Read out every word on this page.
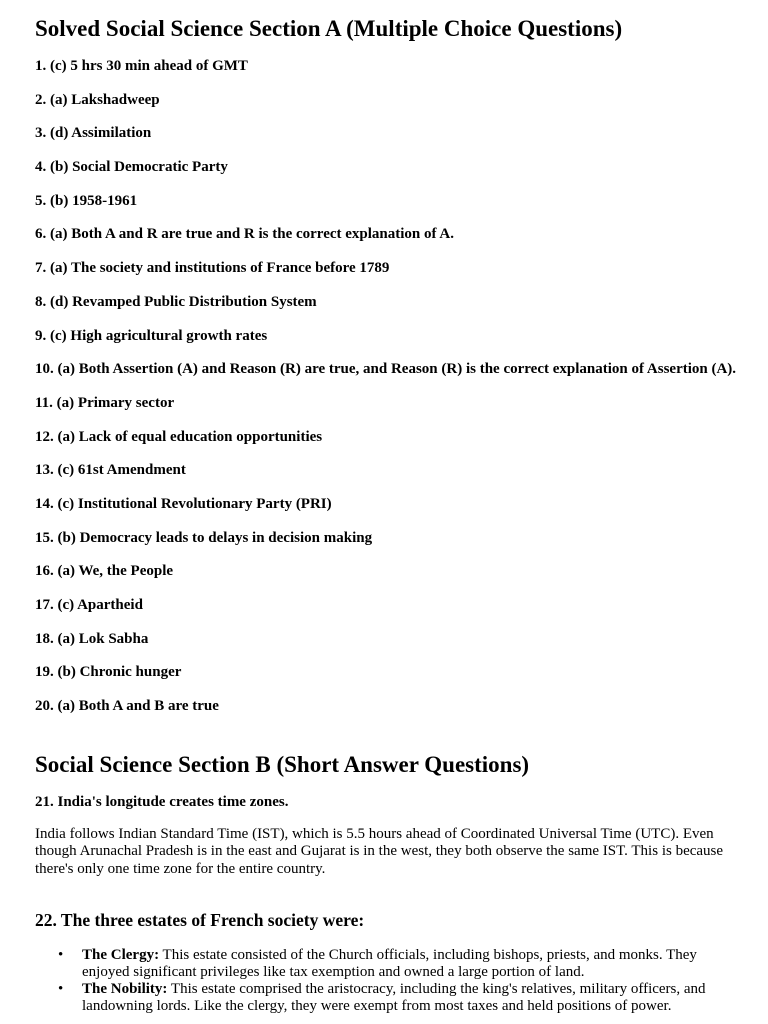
Solved Social Science Section A (Multiple Choice Questions)
1. (c) 5 hrs 30 min ahead of GMT
2. (a) Lakshadweep
3. (d) Assimilation
4. (b) Social Democratic Party
5. (b) 1958-1961
6. (a) Both A and R are true and R is the correct explanation of A.
7. (a) The society and institutions of France before 1789
8. (d) Revamped Public Distribution System
9. (c) High agricultural growth rates
10. (a) Both Assertion (A) and Reason (R) are true, and Reason (R) is the correct explanation of Assertion (A).
11. (a) Primary sector
12. (a) Lack of equal education opportunities
13. (c) 61st Amendment
14. (c) Institutional Revolutionary Party (PRI)
15. (b) Democracy leads to delays in decision making
16. (a) We, the People
17. (c) Apartheid
18. (a) Lok Sabha
19. (b) Chronic hunger
20. (a) Both A and B are true
Social Science Section B (Short Answer Questions)

21. India's longitude creates time zones.

India follows Indian Standard Time (IST), which is 5.5 hours ahead of Coordinated Universal Time (UTC). Even though Arunachal Pradesh is in the east and Gujarat is in the west, they both observe the same IST. This is because there's only one time zone for the entire country.

22. The three estates of French society were:
• The Clergy: This estate consisted of the Church officials, including bishops, priests, and monks. They enjoyed significant privileges like tax exemption and owned a large portion of land.
• The Nobility: This estate comprised the aristocracy, including the king's relatives, military officers, and landowning lords. Like the clergy, they were exempt from most taxes and held positions of power.
